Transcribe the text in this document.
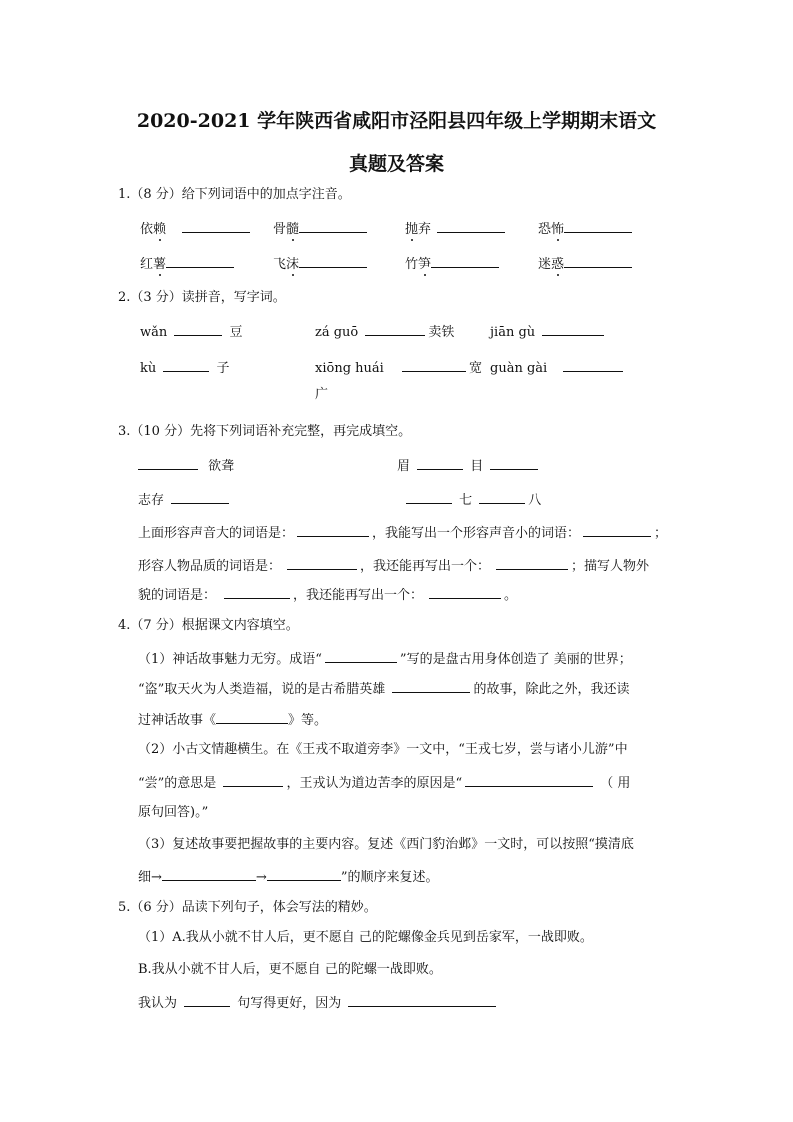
2020-2021 学年陕西省咸阳市泾阳县四年级上学期期末语文
真题及答案
1.（8 分）给下列词语中的加点字注音。
依赖	骨髓	抛弃	恐怖
红薯	飞沫	竹笋	迷惑
2.（3 分）读拼音，写字词。
wǎn	豆	zá guō	卖铁	jiān gù
kù	子	xiōng huái	宽 guàn gài
广
3.（10 分）先将下列词语补充完整，再完成填空。
欲聋	眉	目
志存	七	八
上面形容声音大的词语是：	，我能写出一个形容声音小的词语：	；
形容人物品质的词语是：	，我还能再写出一个：	；描写人物外
貌的词语是：	，我还能再写出一个：	。
4.（7 分）根据课文内容填空。
（1）神话故事魅力无穷。成语“	”写的是盘古用身体创造了 美丽的世界；
“盗”取天火为人类造福，说的是古希腊英雄	的故事，除此之外，我还读
过神话故事《	》等。
（2）小古文情趣横生。在《王戎不取道旁李》一文中，“王戎七岁，尝与诸小儿游”中
“尝”的意思是	，王戎认为道边苦李的原因是“	（ 用
原句回答)。”
（3）复述故事要把握故事的主要内容。复述《西门豹治邺》一文时，可以按照“摸清底
细→	→	”的顺序来复述。
5.（6 分）品读下列句子，体会写法的精妙。
（1）A.我从小就不甘人后，更不愿自 己的陀螺像金兵见到岳家军，一战即败。
B.我从小就不甘人后，更不愿自 己的陀螺一战即败。
我认为	句写得更好，因为
